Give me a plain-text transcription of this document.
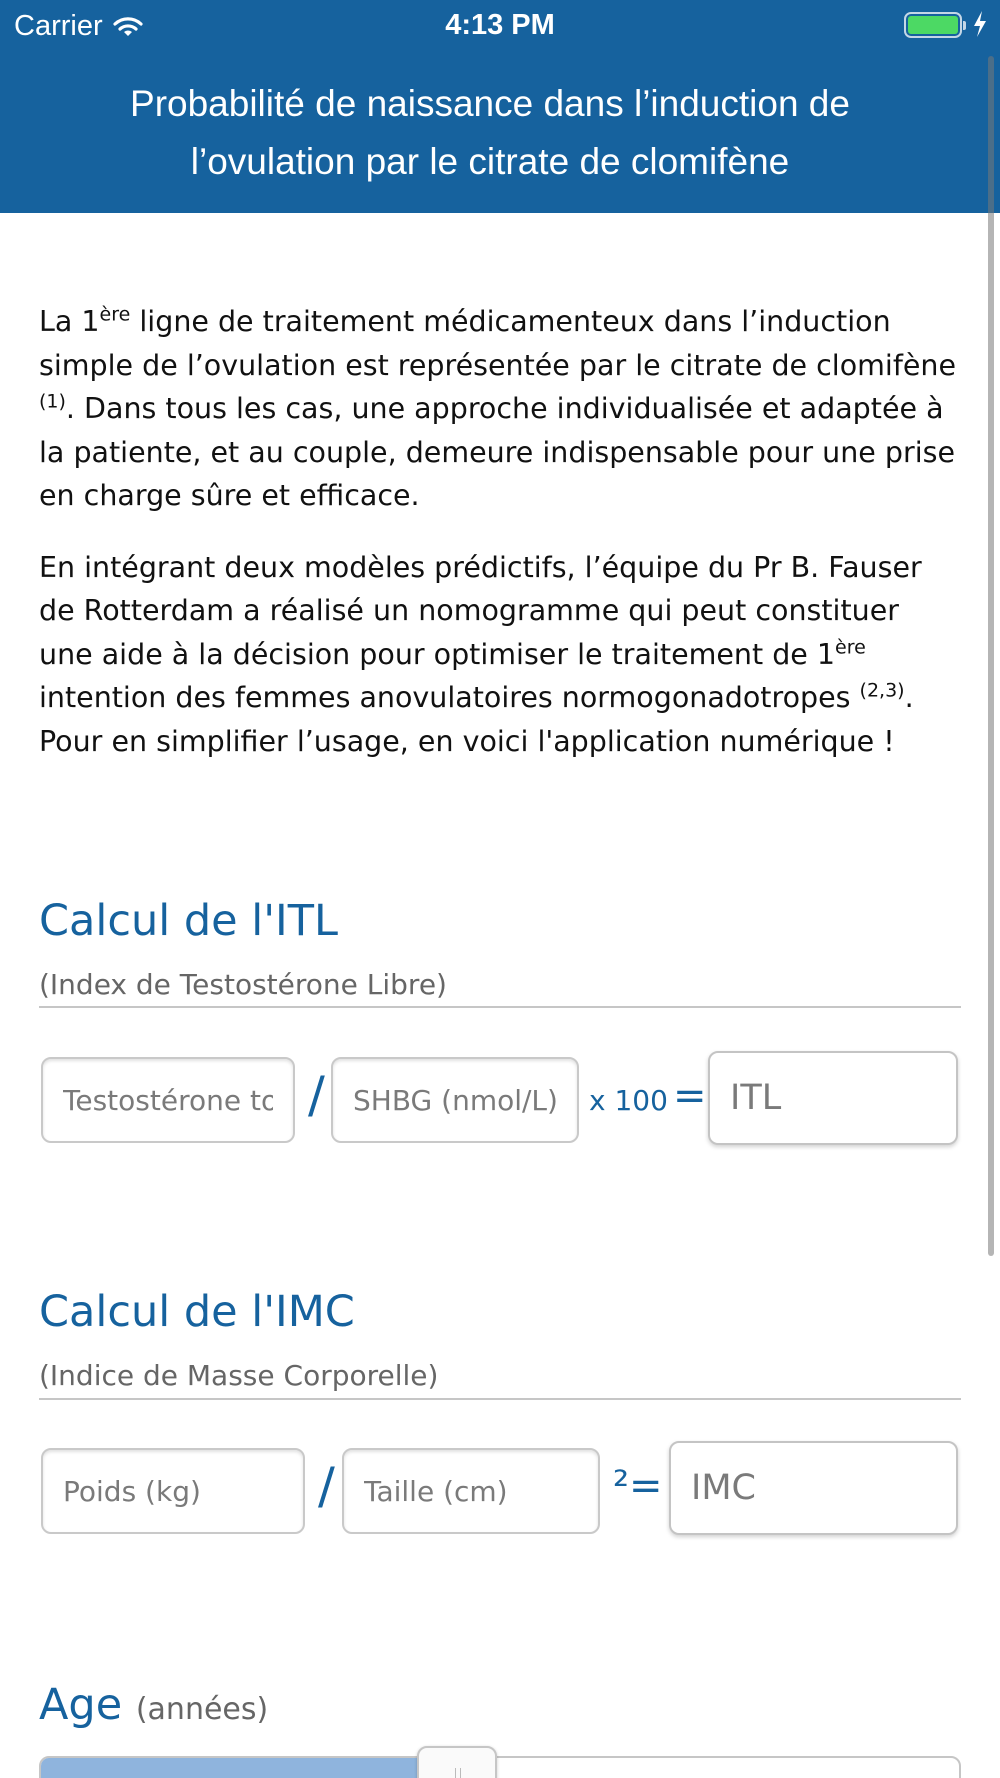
Carrier	4:13 PM
Probabilité de naissance dans l’induction de
l’ovulation par le citrate de clomifène

La 1ère ligne de traitement médicamenteux dans l’induction simple de l’ovulation est représentée par le citrate de clomifène $^{(1)}$. Dans tous les cas, une approche individualisée et adaptée à la patiente, et au couple, demeure indispensable pour une prise en charge sûre et efficace.

En intégrant deux modèles prédictifs, l’équipe du Pr B. Fauser de Rotterdam a réalisé un nomogramme qui peut constituer une aide à la décision pour optimiser le traitement de 1ère intention des femmes anovulatoires normogonadotropes $^{(2,3)}$. Pour en simplifier l’usage, en voici l'application numérique !

Calcul de l'ITL
(Index de Testostérone Libre)
Testostérone totale (nmol/L)
/
SHBG (nmol/L)	x 100 =
ITL
Calcul de l'IMC
(Indice de Masse Corporelle)
Poids (kg)
/
Taille (cm)	²=
IMC
Age (années)
